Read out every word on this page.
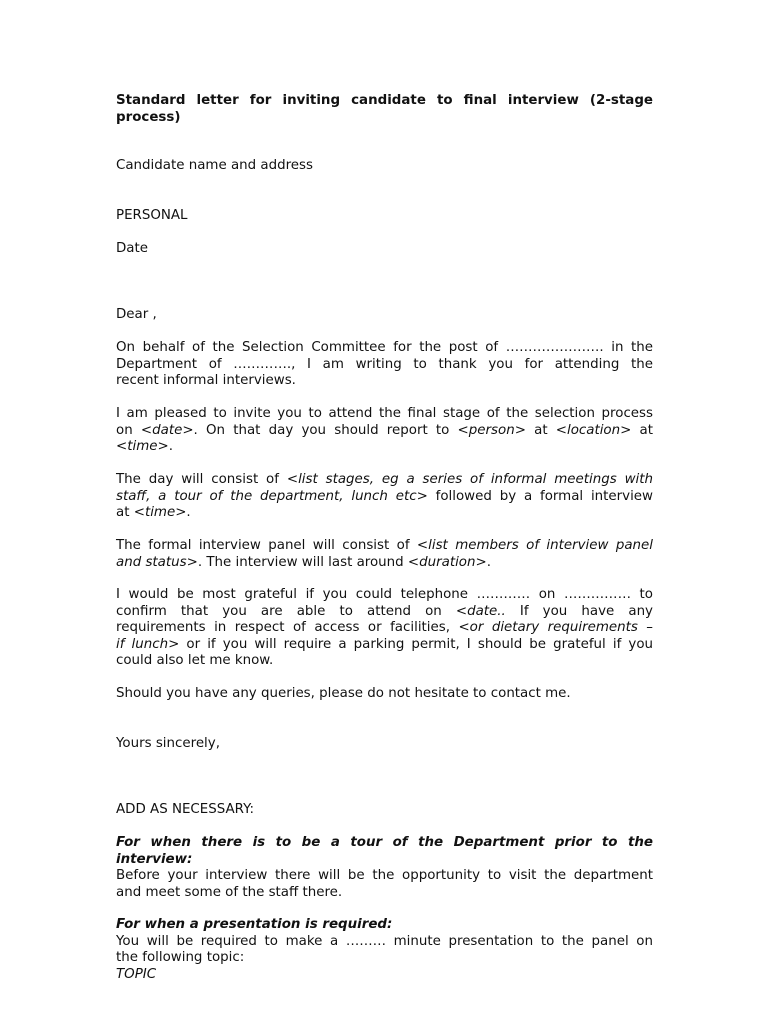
Standard letter for inviting candidate to final interview (2-stage process)
Candidate name and address
PERSONAL
Date
Dear ,

On behalf of the Selection Committee for the post of …………………. in the

Department of …………., I am writing to thank you for attending the

recent informal interviews.

I am pleased to invite you to attend the final stage of the selection process

on <date>. On that day you should report to <person> at <location> at

<time>.

The day will consist of <list stages, eg a series of informal meetings with

staff, a tour of the department, lunch etc> followed by a formal interview

at <time>.

The formal interview panel will consist of <list members of interview panel

and status>. The interview will last around <duration>.

I would be most grateful if you could telephone ………… on …………… to

confirm that you are able to attend on <date.. If you have any

requirements in respect of access or facilities, <or dietary requirements –

if lunch> or if you will require a parking permit, I should be grateful if you

could also let me know.

Should you have any queries, please do not hesitate to contact me.
Yours sincerely,
ADD AS NECESSARY:

For when there is to be a tour of the Department prior to the

interview:

Before your interview there will be the opportunity to visit the department

and meet some of the staff there.

For when a presentation is required:

You will be required to make a ……… minute presentation to the panel on

the following topic:

TOPIC
